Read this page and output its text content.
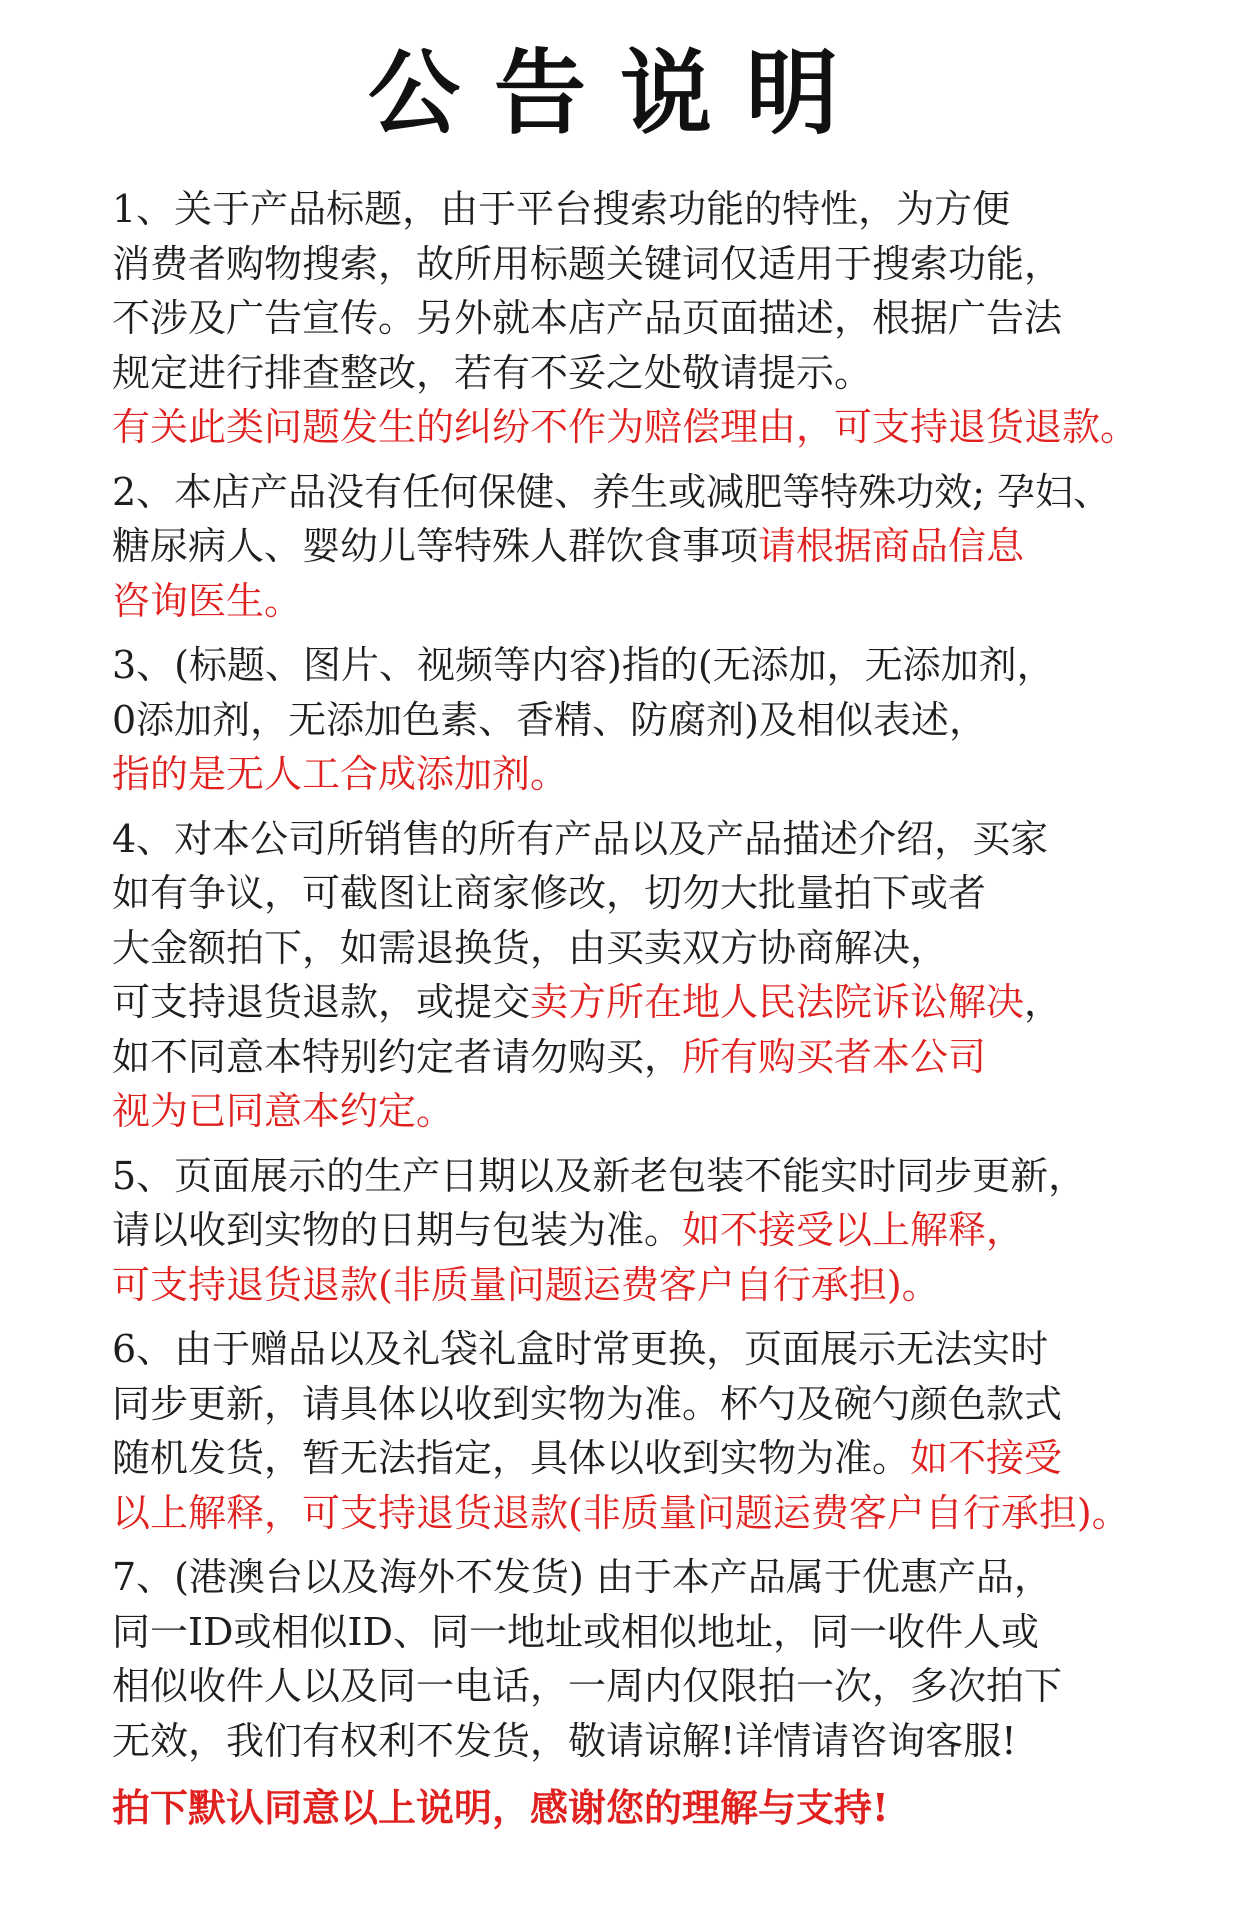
公告说明
1、关于产品标题，由于平台搜索功能的特性，为方便
消费者购物搜索，故所用标题关键词仅适用于搜索功能，
不涉及广告宣传。另外就本店产品页面描述，根据广告法
规定进行排查整改，若有不妥之处敬请提示。
有关此类问题发生的纠纷不作为赔偿理由，可支持退货退款。
2、本店产品没有任何保健、养生或减肥等特殊功效; 孕妇、
糖尿病人、婴幼儿等特殊人群饮食事项请根据商品信息
咨询医生。
3、(标题、图片、视频等内容)指的(无添加，无添加剂，
0添加剂，无添加色素、香精、防腐剂)及相似表述，
指的是无人工合成添加剂。
4、对本公司所销售的所有产品以及产品描述介绍，买家
如有争议，可截图让商家修改，切勿大批量拍下或者
大金额拍下，如需退换货，由买卖双方协商解决，
可支持退货退款，或提交卖方所在地人民法院诉讼解决，
如不同意本特别约定者请勿购买，所有购买者本公司
视为已同意本约定。
5、页面展示的生产日期以及新老包装不能实时同步更新，
请以收到实物的日期与包装为准。如不接受以上解释，
可支持退货退款(非质量问题运费客户自行承担)。
6、由于赠品以及礼袋礼盒时常更换，页面展示无法实时
同步更新，请具体以收到实物为准。杯勺及碗勺颜色款式
随机发货，暂无法指定，具体以收到实物为准。如不接受
以上解释，可支持退货退款(非质量问题运费客户自行承担)。
7、(港澳台以及海外不发货) 由于本产品属于优惠产品，
同一ID或相似ID、同一地址或相似地址，同一收件人或
相似收件人以及同一电话，一周内仅限拍一次，多次拍下
无效，我们有权利不发货，敬请谅解!详情请咨询客服!
拍下默认同意以上说明，感谢您的理解与支持!
